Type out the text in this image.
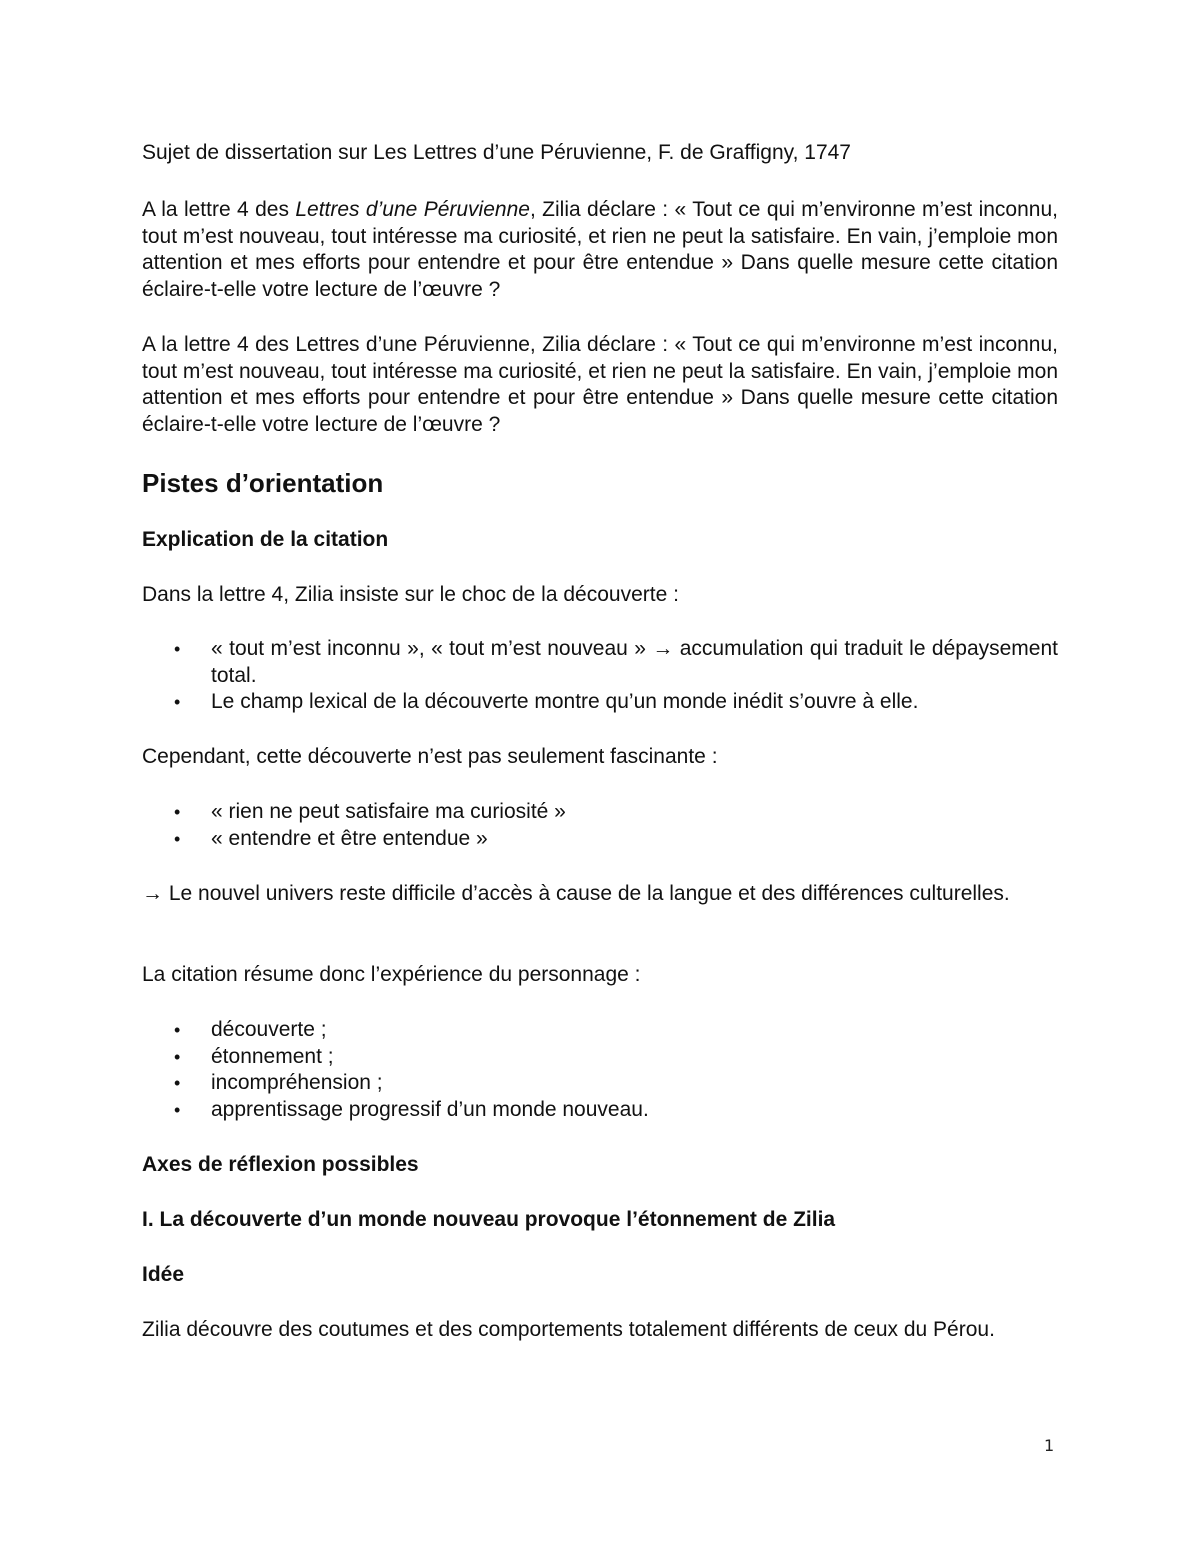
Sujet de dissertation sur Les Lettres d’une Péruvienne, F. de Graffigny, 1747

A la lettre 4 des Lettres d’une Péruvienne, Zilia déclare : « Tout ce qui m’environne m’est inconnu, tout m’est nouveau, tout intéresse ma curiosité, et rien ne peut la satisfaire. En vain, j’emploie mon attention et mes efforts pour entendre et pour être entendue » Dans quelle mesure cette citation éclaire-t-elle votre lecture de l’œuvre ?

A la lettre 4 des Lettres d’une Péruvienne, Zilia déclare : « Tout ce qui m’environne m’est inconnu, tout m’est nouveau, tout intéresse ma curiosité, et rien ne peut la satisfaire. En vain, j’emploie mon attention et mes efforts pour entendre et pour être entendue » Dans quelle mesure cette citation éclaire-t-elle votre lecture de l’œuvre ?

Pistes d’orientation
Explication de la citation

Dans la lettre 4, Zilia insiste sur le choc de la découverte :

• « tout m’est inconnu », « tout m’est nouveau » → accumulation qui traduit le dépaysement total.
• Le champ lexical de la découverte montre qu’un monde inédit s’ouvre à elle.

Cependant, cette découverte n’est pas seulement fascinante :

• « rien ne peut satisfaire ma curiosité »
• « entendre et être entendue »

→ Le nouvel univers reste difficile d’accès à cause de la langue et des différences culturelles.

La citation résume donc l’expérience du personnage :

• découverte ;
• étonnement ;
• incompréhension ;
• apprentissage progressif d’un monde nouveau.
Axes de réflexion possibles
I. La découverte d’un monde nouveau provoque l’étonnement de Zilia
Idée

Zilia découvre des coutumes et des comportements totalement différents de ceux du Pérou.

1
